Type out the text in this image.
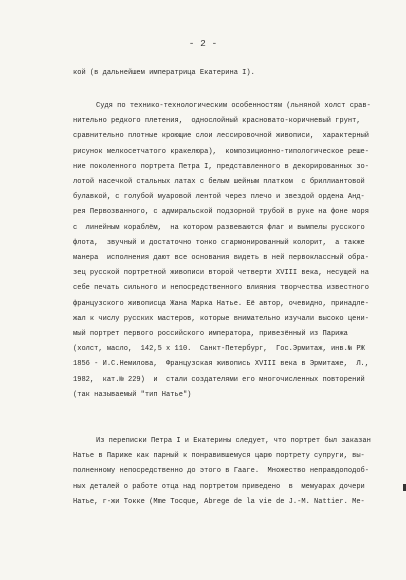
- 2 -
кой (в дальнейшем императрица Екатерина I).
Судя по технико-технологическим особенностям (льняной холст срав-
нительно редкого плетения,  однослойный красновато-коричневый грунт,
сравнительно плотные кроющие слои лессировочной живописи,  характерный
рисунок мелкосетчатого кракелюра),  композиционно-типологическое реше-
ние поколенного портрета Петра I, представленного в декорированных зо-
лотой насечкой стальных латах с белым шейным платком  с бриллиантовой
булавкой, с голубой муаровой лентой через плечо и звездой ордена Анд-
рея Первозванного, с адмиральской подзорной трубой в руке на фоне моря
с  линейным кораблём,  на котором развеваются флаг и вымпелы русского
флота,  звучный и достаточно тонко сгармонированный колорит,  а также
манера  исполнения дают все основания видеть в ней первоклассный обра-
зец русской портретной живописи второй четверти XVIII века, несущей на
себе печать сильного и непосредственного влияния творчества известного
французского живописца Жана Марка Натье. Её автор, очевидно, принадле-
жал к числу русских мастеров, которые внимательно изучали высоко цени-
мый портрет первого российского императора, привезённый из Парижа
(холст, масло,  142,5 х 110.  Санкт-Петербург,  Гос.Эрмитаж, инв.№ РЖ
1856 - И.С.Немилова,  Французская живопись XVIII века в Эрмитаже,  Л.,
1982,  кат.№ 229)  и  стали создателями его многочисленных повторений
(так называемый "тип Натье")
Из переписки Петра I и Екатерины следует, что портрет был заказан
Натье в Париже как парный к понравившемуся царю портрету супруги, вы-
полненному непосредственно до этого в Гааге.  Множество неправдоподоб-
ных деталей о работе отца над портретом приведено  в  мемуарах дочери
Натье, г-жи Токке (Mme Tocque, Abrege de la vie de J.-M. Nattier. Me-
